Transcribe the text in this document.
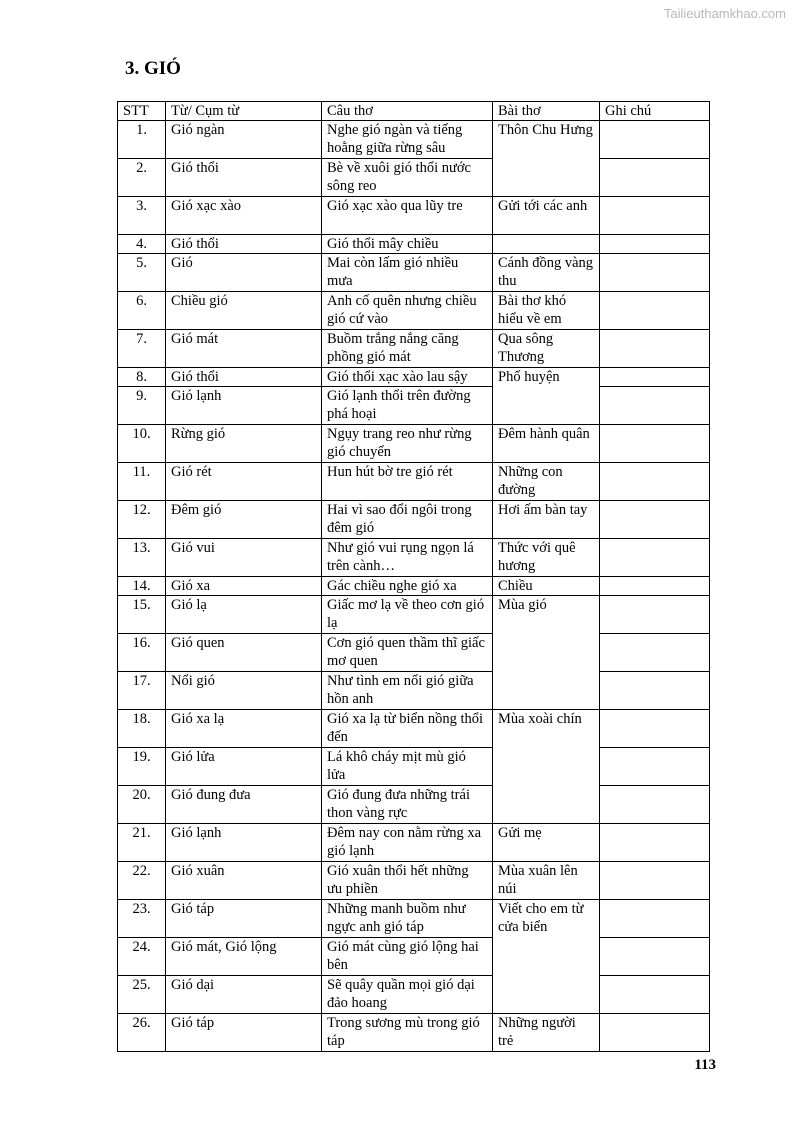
Tailieuthamkhao.com
3. GIÓ
STT	Từ/ Cụm từ	Câu thơ	Bài thơ	Ghi chú
1.	Gió ngàn	Nghe gió ngàn và tiếng hoằng giữa rừng sâu	Thôn Chu Hưng	
2.	Gió thổi	Bè về xuôi gió thổi nước sông reo		
3.	Gió xạc xào	Gió xạc xào qua lũy tre	Gửi tới các anh	
4.	Gió thổi	Gió thổi mây chiều		
5.	Gió	Mai còn lấm gió nhiều mưa	Cánh đồng vàng thu	
6.	Chiều gió	Anh cố quên nhưng chiều gió cứ vào	Bài thơ khó hiểu về em	
7.	Gió mát	Buồm trắng nắng căng phồng gió mát	Qua sông Thương	
8.	Gió thổi	Gió thổi xạc xào lau sậy	Phố huyện	
9.	Gió lạnh	Gió lạnh thổi trên đường phá hoại		
10.	Rừng gió	Ngụy trang reo như rừng gió chuyển	Đêm hành quân	
11.	Gió rét	Hun hút bờ tre gió rét	Những con đường	
12.	Đêm gió	Hai vì sao đổi ngôi trong đêm gió	Hơi ấm bàn tay	
13.	Gió vui	Như gió vui rụng ngọn lá trên cành…	Thức với quê hương	
14.	Gió xa	Gác chiều nghe gió xa	Chiều	
15.	Gió lạ	Giấc mơ lạ về theo cơn gió lạ	Mùa gió	
16.	Gió quen	Cơn gió quen thầm thĩ giấc mơ quen		
17.	Nổi gió	Như tình em nổi gió giữa hồn anh		
18.	Gió xa lạ	Gió xa lạ từ biển nồng thổi đến	Mùa xoài chín	
19.	Gió lửa	Lá khô cháy mịt mù gió lửa		
20.	Gió đung đưa	Gió đung đưa những trái thon vàng rực		
21.	Gió lạnh	Đêm nay con nằm rừng xa gió lạnh	Gửi mẹ	
22.	Gió xuân	Gió xuân thổi hết những ưu phiền	Mùa xuân lên núi	
23.	Gió táp	Những manh buồm như ngực anh gió táp	Viết cho em từ cửa biển	
24.	Gió mát, Gió lộng	Gió mát cùng gió lộng hai bên		
25.	Gió dại	Sẽ quây quần mọi gió dại đảo hoang		
26.	Gió táp	Trong sương mù trong gió táp	Những người trẻ	
113
